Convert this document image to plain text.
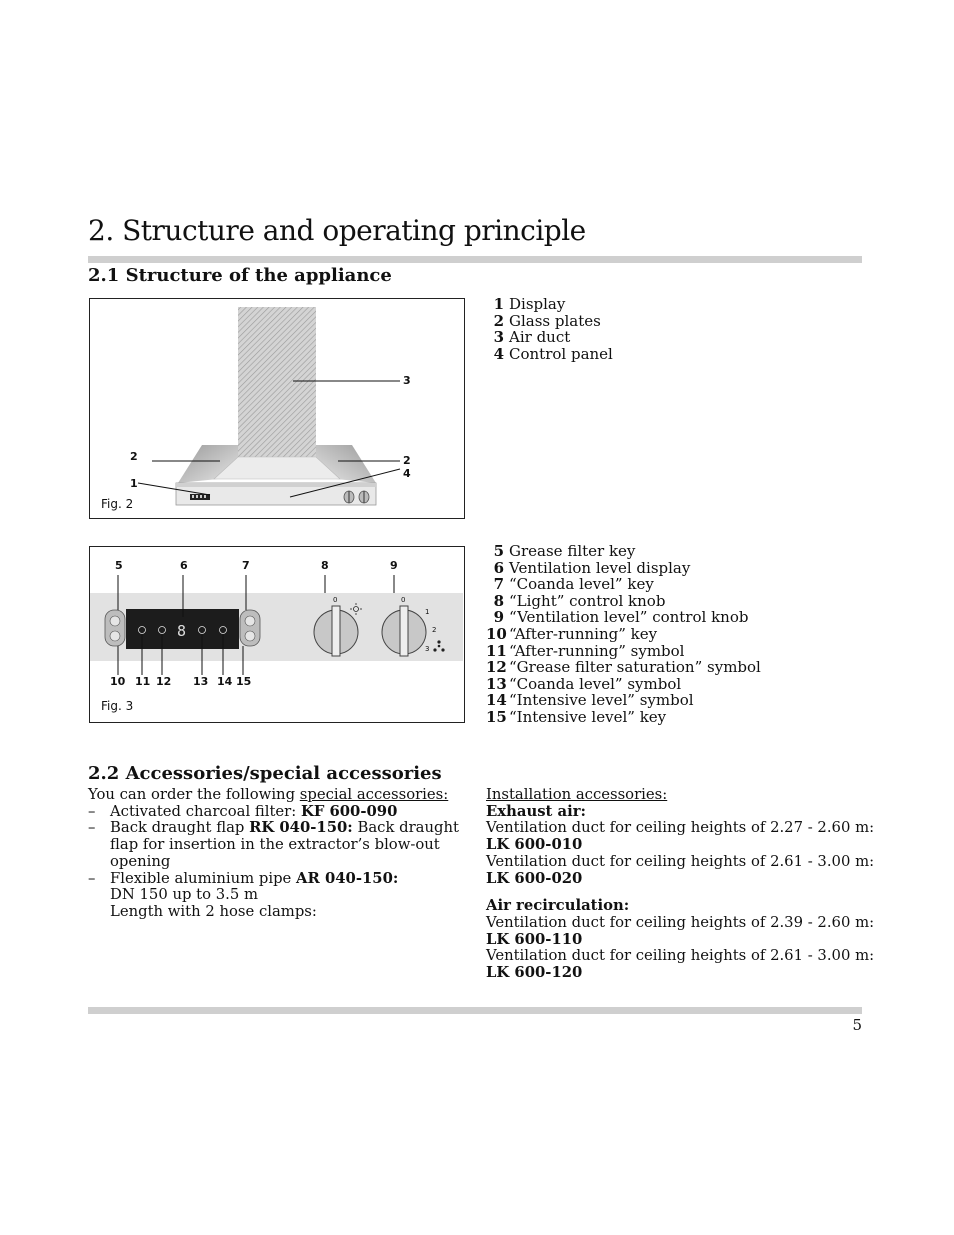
2. Structure and operating principle
2.1 Structure of the appliance
3
2	2
4
1
Fig. 2
1 Display
2 Glass plates
3 Air duct
4 Control panel
5	6	7	8	9
8
0	0
1
2
3
10 11 12 13 14 15
Fig. 3
5 Grease filter key
6 Ventilation level display
7 “Coanda level” key
8 “Light” control knob
9 “Ventilation level” control knob
10 “After-running” key
11 “After-running” symbol
12 “Grease filter saturation” symbol
13 “Coanda level” symbol
14 “Intensive level” symbol
15 “Intensive level” key
2.2 Accessories/special accessories
You can order the following special accessories:
– Activated charcoal filter: KF 600-090
– Back draught flap RK 040-150: Back draught
flap for insertion in the extractor’s blow-out
opening
– Flexible aluminium pipe AR 040-150:
DN 150 up to 3.5 m
Length with 2 hose clamps:
Installation accessories:
Exhaust air:
Ventilation duct for ceiling heights of 2.27 - 2.60 m:
LK 600-010
Ventilation duct for ceiling heights of 2.61 - 3.00 m:
LK 600-020
Air recirculation:
Ventilation duct for ceiling heights of 2.39 - 2.60 m:
LK 600-110
Ventilation duct for ceiling heights of 2.61 - 3.00 m:
LK 600-120
5
